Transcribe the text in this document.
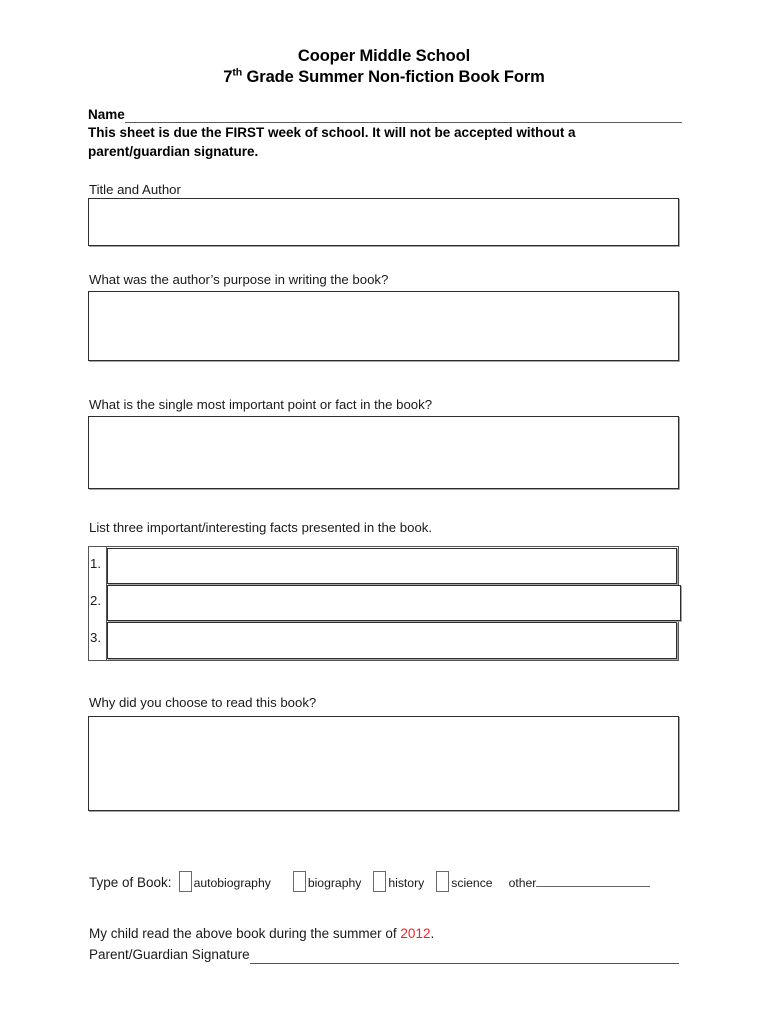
Cooper Middle School
7th Grade Summer Non-fiction Book Form
Name
This sheet is due the FIRST week of school. It will not be accepted without a parent/guardian signature.
Title and Author
What was the author’s purpose in writing the book?
What is the single most important point or fact in the book?
List three important/interesting facts presented in the book.
1.
2.
3.
Why did you choose to read this book?
Type of Book: autobiography	biography history science other
My child read the above book during the summer of 2012.
Parent/Guardian Signature
